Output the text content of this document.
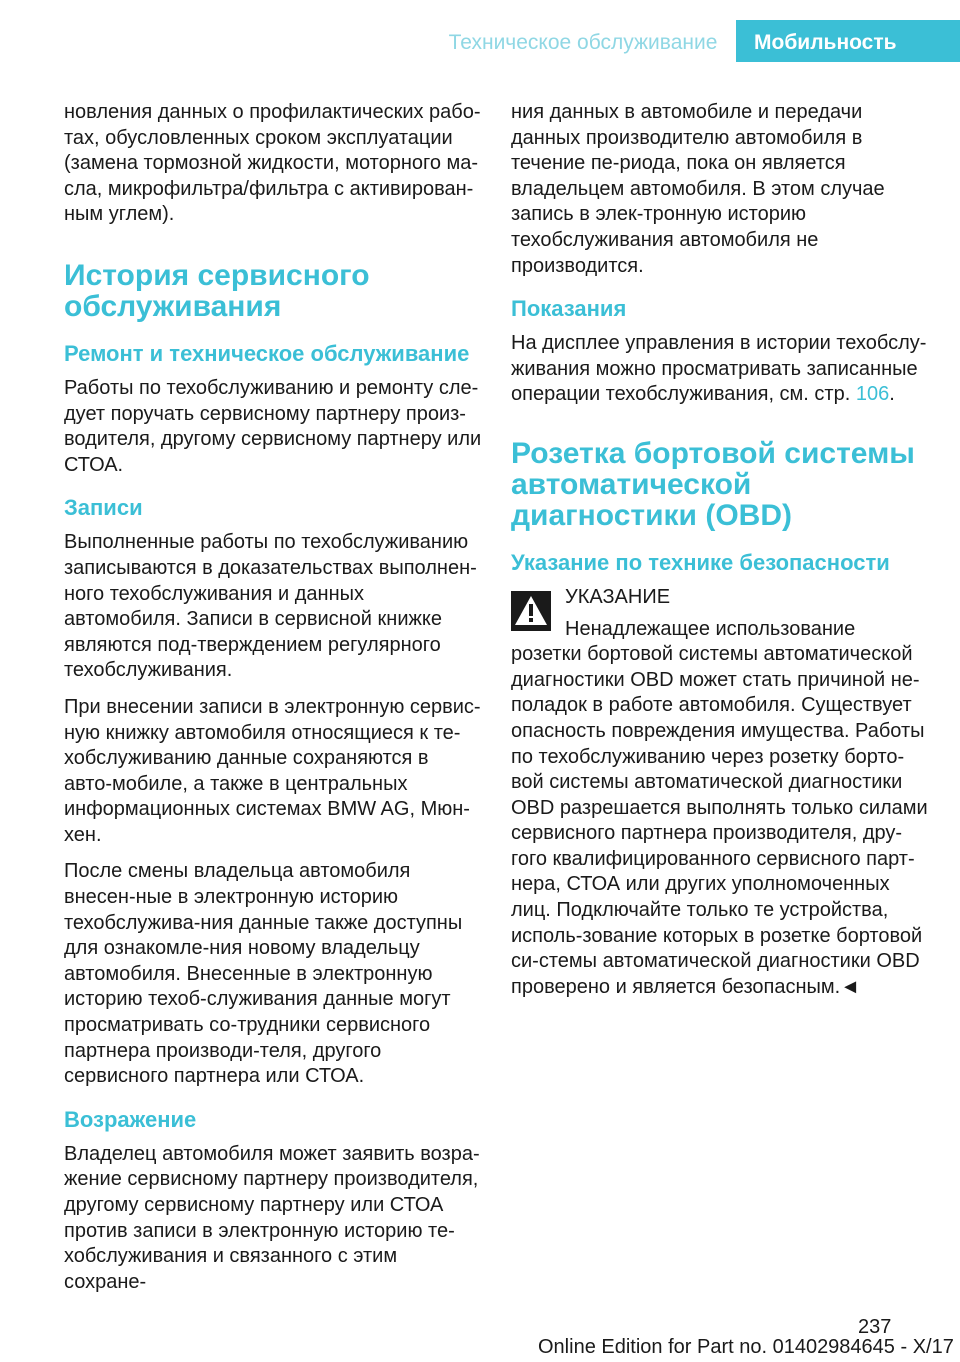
Техническое обслуживание	Мобильность

новления данных о профилактических рабо-тах, обусловленных сроком эксплуатации (замена тормозной жидкости, моторного ма-сла, микрофильтра/фильтра с активирован-ным углем).

История сервисного обслуживания
Ремонт и техническое обслуживание

Работы по техобслуживанию и ремонту сле-дует поручать сервисному партнеру произ-водителя, другому сервисному партнеру или СТОА.

Записи

Выполненные работы по техобслуживанию записываются в доказательствах выполнен-ного техобслуживания и данных автомобиля. Записи в сервисной книжке являются под-тверждением регулярного техобслуживания.

При внесении записи в электронную сервис-ную книжку автомобиля относящиеся к те-хобслуживанию данные сохраняются в авто-мобиле, а также в центральных информационных системах BMW AG, Мюн-хен.

После смены владельца автомобиля внесен-ные в электронную историю техобслужива-ния данные также доступны для ознакомле-ния новому владельцу автомобиля. Внесенные в электронную историю техоб-служивания данные могут просматривать со-трудники сервисного партнера производи-теля, другого сервисного партнера или СТОА.

Возражение

Владелец автомобиля может заявить возра-жение сервисному партнеру производителя, другому сервисному партнеру или СТОА против записи в электронную историю те-хобслуживания и связанного с этим сохране-

ния данных в автомобиле и передачи данных производителю автомобиля в течение пе-риода, пока он является владельцем автомобиля. В этом случае запись в элек-тронную историю техобслуживания автомобиля не производится.

Показания

На дисплее управления в истории техобслу-живания можно просматривать записанные операции техобслуживания, см. стр. 106.

Розетка бортовой системы автоматической диагностики (OBD)
Указание по технике безопасности
УКАЗАНИЕ

Ненадлежащее использование розетки бортовой системы автоматической диагностики OBD может стать причиной не-поладок в работе автомобиля. Существует опасность повреждения имущества. Работы по техобслуживанию через розетку борто-вой системы автоматической диагностики OBD разрешается выполнять только силами сервисного партнера производителя, дру-гого квалифицированного сервисного парт-нера, СТОА или других уполномоченных лиц. Подключайте только те устройства, исполь-зование которых в розетке бортовой си-стемы автоматической диагностики OBD проверено и является безопасным.◄

237
Online Edition for Part no. 01402984645 - X/17
